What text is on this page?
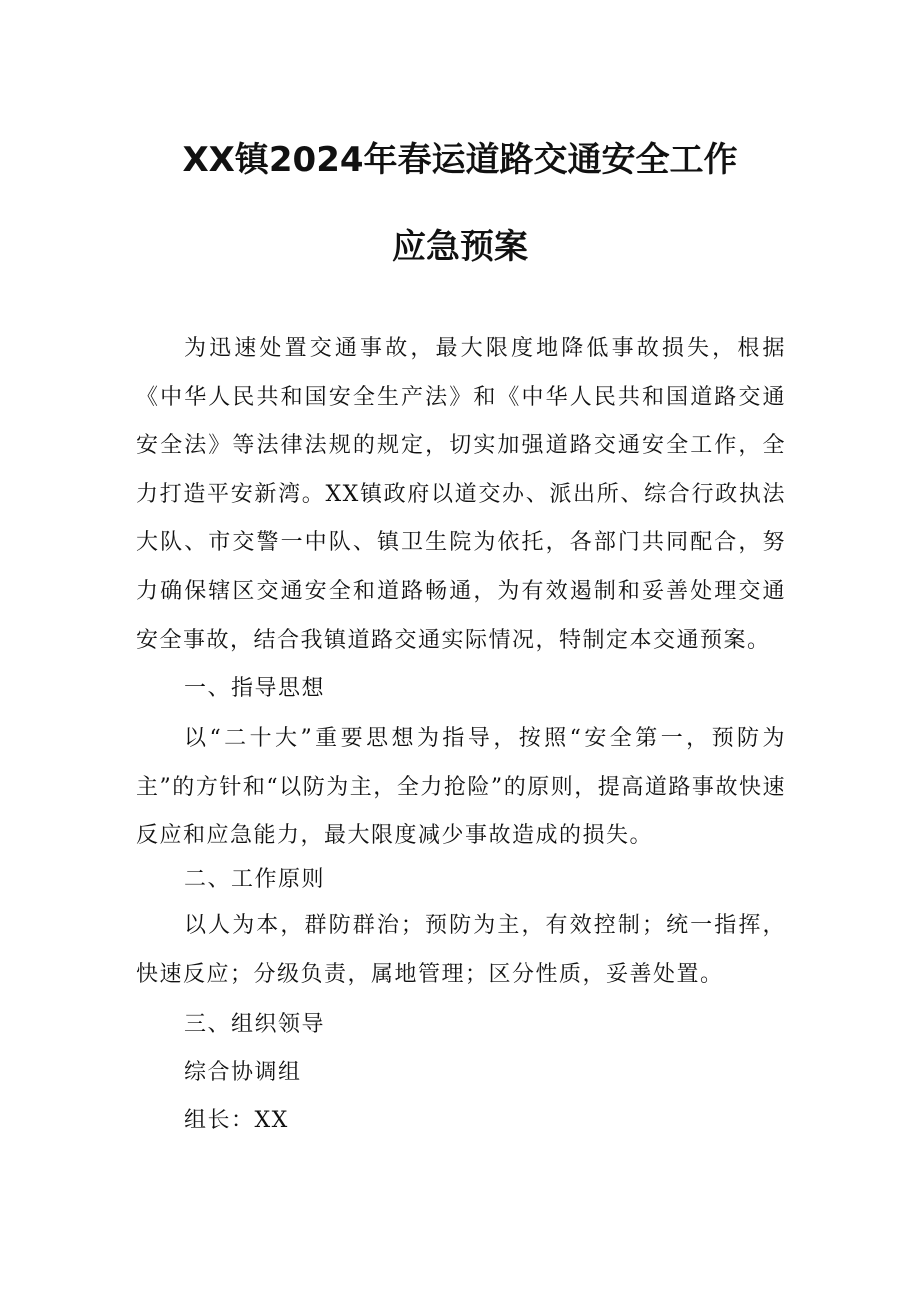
XX镇2024年春运道路交通安全工作
应急预案

为迅速处置交通事故，最大限度地降低事故损失，根据《中华人民共和国安全生产法》和《中华人民共和国道路交通安全法》等法律法规的规定，切实加强道路交通安全工作，全力打造平安新湾。XX镇政府以道交办、派出所、综合行政执法大队、市交警一中队、镇卫生院为依托，各部门共同配合，努力确保辖区交通安全和道路畅通，为有效遏制和妥善处理交通安全事故，结合我镇道路交通实际情况，特制定本交通预案。

一、指导思想

以“二十大”重要思想为指导，按照“安全第一，预防为主”的方针和“以防为主，全力抢险”的原则，提高道路事故快速反应和应急能力，最大限度减少事故造成的损失。

二、工作原则

以人为本，群防群治；预防为主，有效控制；统一指挥，快速反应；分级负责，属地管理；区分性质，妥善处置。

三、组织领导

综合协调组

组长：XX
